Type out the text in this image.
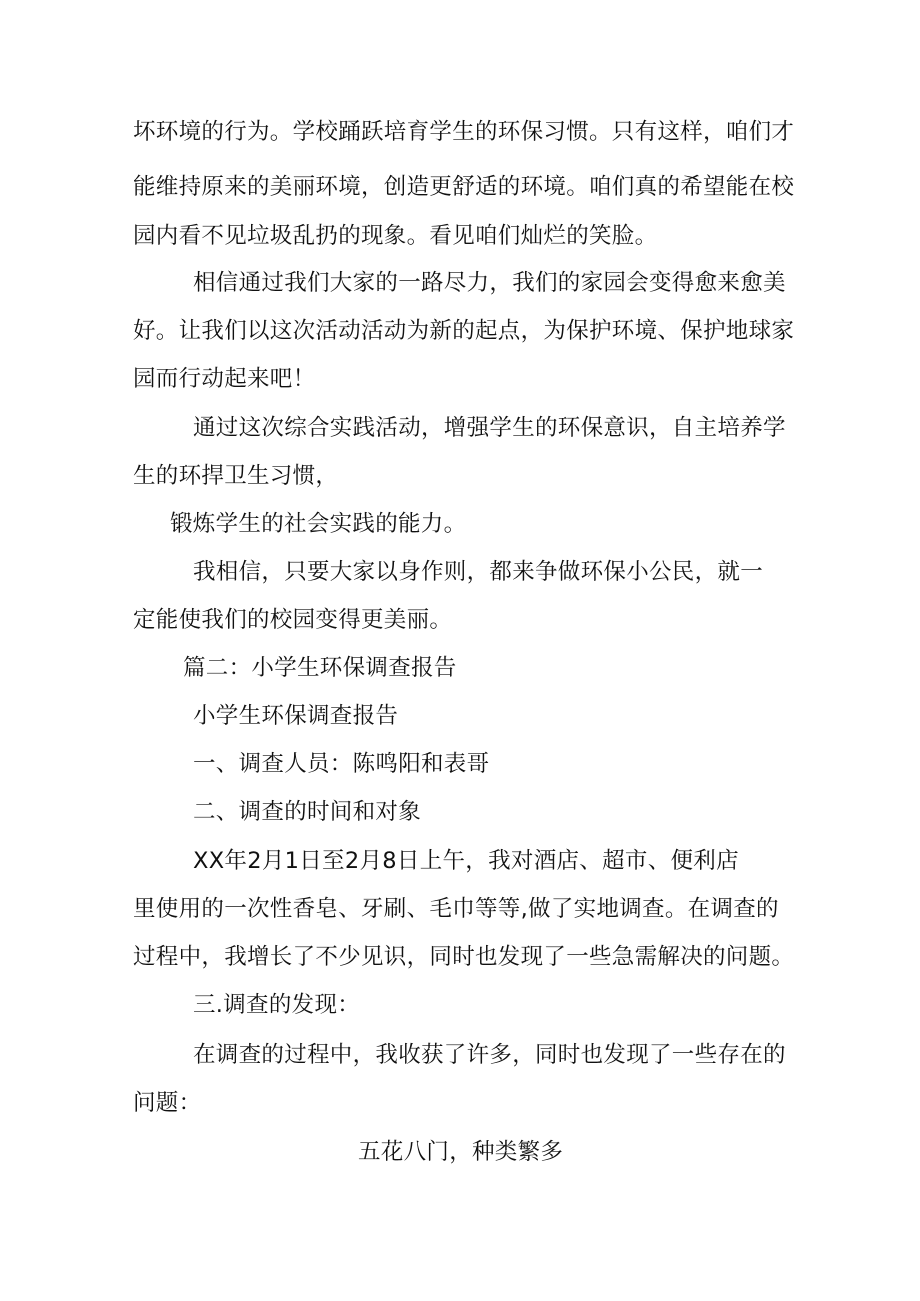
坏环境的行为。学校踊跃培育学生的环保习惯。只有这样，咱们才

能维持原来的美丽环境，创造更舒适的环境。咱们真的希望能在校

园内看不见垃圾乱扔的现象。看见咱们灿烂的笑脸。

相信通过我们大家的一路尽力，我们的家园会变得愈来愈美

好。让我们以这次活动活动为新的起点，为保护环境、保护地球家

园而行动起来吧！

通过这次综合实践活动，增强学生的环保意识，自主培养学

生的环捍卫生习惯，

锻炼学生的社会实践的能力。

我相信，只要大家以身作则，都来争做环保小公民，就一

定能使我们的校园变得更美丽。

篇二：小学生环保调查报告

小学生环保调查报告

一、调查人员：陈鸣阳和表哥

二、调查的时间和对象

XX年2月1日至2月8日上午，我对酒店、超市、便利店

里使用的一次性香皂、牙刷、毛巾等等,做了实地调查。在调查的

过程中，我增长了不少见识，同时也发现了一些急需解决的问题。

三.调查的发现：

在调查的过程中，我收获了许多，同时也发现了一些存在的

问题：

五花八门，种类繁多
